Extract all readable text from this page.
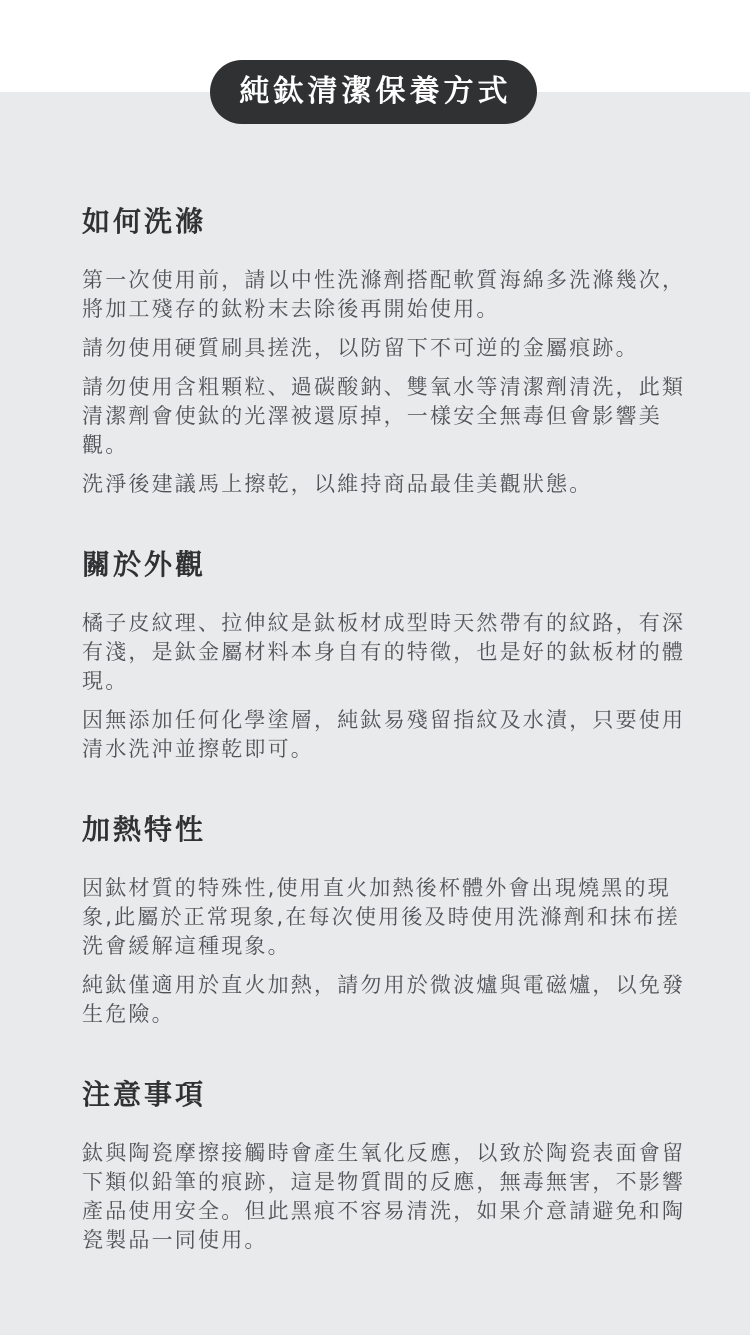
純鈦清潔保養方式
如何洗滌

第一次使用前，請以中性洗滌劑搭配軟質海綿多洗滌幾次，將加工殘存的鈦粉末去除後再開始使用。

請勿使用硬質刷具搓洗，以防留下不可逆的金屬痕跡。

請勿使用含粗顆粒、過碳酸鈉、雙氧水等清潔劑清洗，此類清潔劑會使鈦的光澤被還原掉，一樣安全無毒但會影響美觀。

洗淨後建議馬上擦乾，以維持商品最佳美觀狀態。

關於外觀

橘子皮紋理、拉伸紋是鈦板材成型時天然帶有的紋路，有深有淺，是鈦金屬材料本身自有的特徵，也是好的鈦板材的體現。

因無添加任何化學塗層，純鈦易殘留指紋及水漬，只要使用清水洗沖並擦乾即可。

加熱特性

因鈦材質的特殊性,使用直火加熱後杯體外會出現燒黑的現象,此屬於正常現象,在每次使用後及時使用洗滌劑和抹布搓洗會緩解這種現象。

純鈦僅適用於直火加熱，請勿用於微波爐與電磁爐，以免發生危險。

注意事項

鈦與陶瓷摩擦接觸時會產生氧化反應，以致於陶瓷表面會留下類似鉛筆的痕跡，這是物質間的反應，無毒無害，不影響產品使用安全。但此黑痕不容易清洗，如果介意請避免和陶瓷製品一同使用。
